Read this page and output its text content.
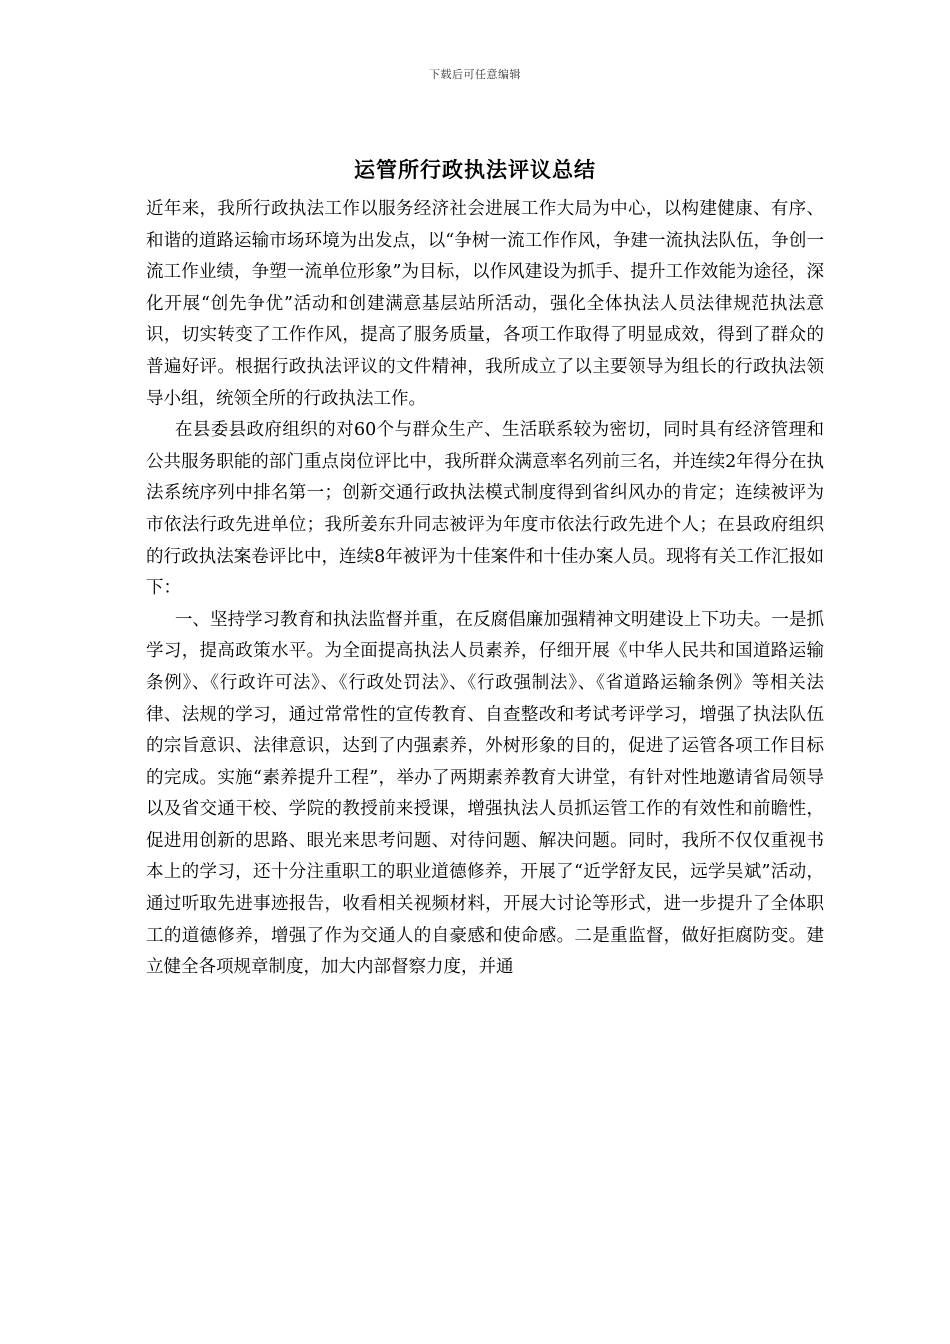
下载后可任意编辑
运管所行政执法评议总结

近年来，我所行政执法工作以服务经济社会进展工作大局为中心，以构建健康、有序、和谐的道路运输市场环境为出发点，以“争树一流工作作风，争建一流执法队伍，争创一流工作业绩，争塑一流单位形象”为目标，以作风建设为抓手、提升工作效能为途径，深化开展“创先争优”活动和创建满意基层站所活动，强化全体执法人员法律规范执法意识，切实转变了工作作风，提高了服务质量，各项工作取得了明显成效，得到了群众的普遍好评。根据行政执法评议的文件精神，我所成立了以主要领导为组长的行政执法领导小组，统领全所的行政执法工作。

在县委县政府组织的对60个与群众生产、生活联系较为密切，同时具有经济管理和公共服务职能的部门重点岗位评比中，我所群众满意率名列前三名，并连续2年得分在执法系统序列中排名第一；创新交通行政执法模式制度得到省纠风办的肯定；连续被评为市依法行政先进单位；我所姜东升同志被评为年度市依法行政先进个人；在县政府组织的行政执法案卷评比中，连续8年被评为十佳案件和十佳办案人员。现将有关工作汇报如下：

一、坚持学习教育和执法监督并重，在反腐倡廉加强精神文明建设上下功夫。一是抓学习，提高政策水平。为全面提高执法人员素养，仔细开展《中华人民共和国道路运输条例》、《行政许可法》、《行政处罚法》、《行政强制法》、《省道路运输条例》等相关法律、法规的学习，通过常常性的宣传教育、自查整改和考试考评学习，增强了执法队伍的宗旨意识、法律意识，达到了内强素养，外树形象的目的，促进了运管各项工作目标的完成。实施“素养提升工程”，举办了两期素养教育大讲堂，有针对性地邀请省局领导以及省交通干校、学院的教授前来授课，增强执法人员抓运管工作的有效性和前瞻性，促进用创新的思路、眼光来思考问题、对待问题、解决问题。同时，我所不仅仅重视书本上的学习，还十分注重职工的职业道德修养，开展了“近学舒友民，远学吴斌”活动，通过听取先进事迹报告，收看相关视频材料，开展大讨论等形式，进一步提升了全体职工的道德修养，增强了作为交通人的自豪感和使命感。二是重监督，做好拒腐防变。建立健全各项规章制度，加大内部督察力度，并通
